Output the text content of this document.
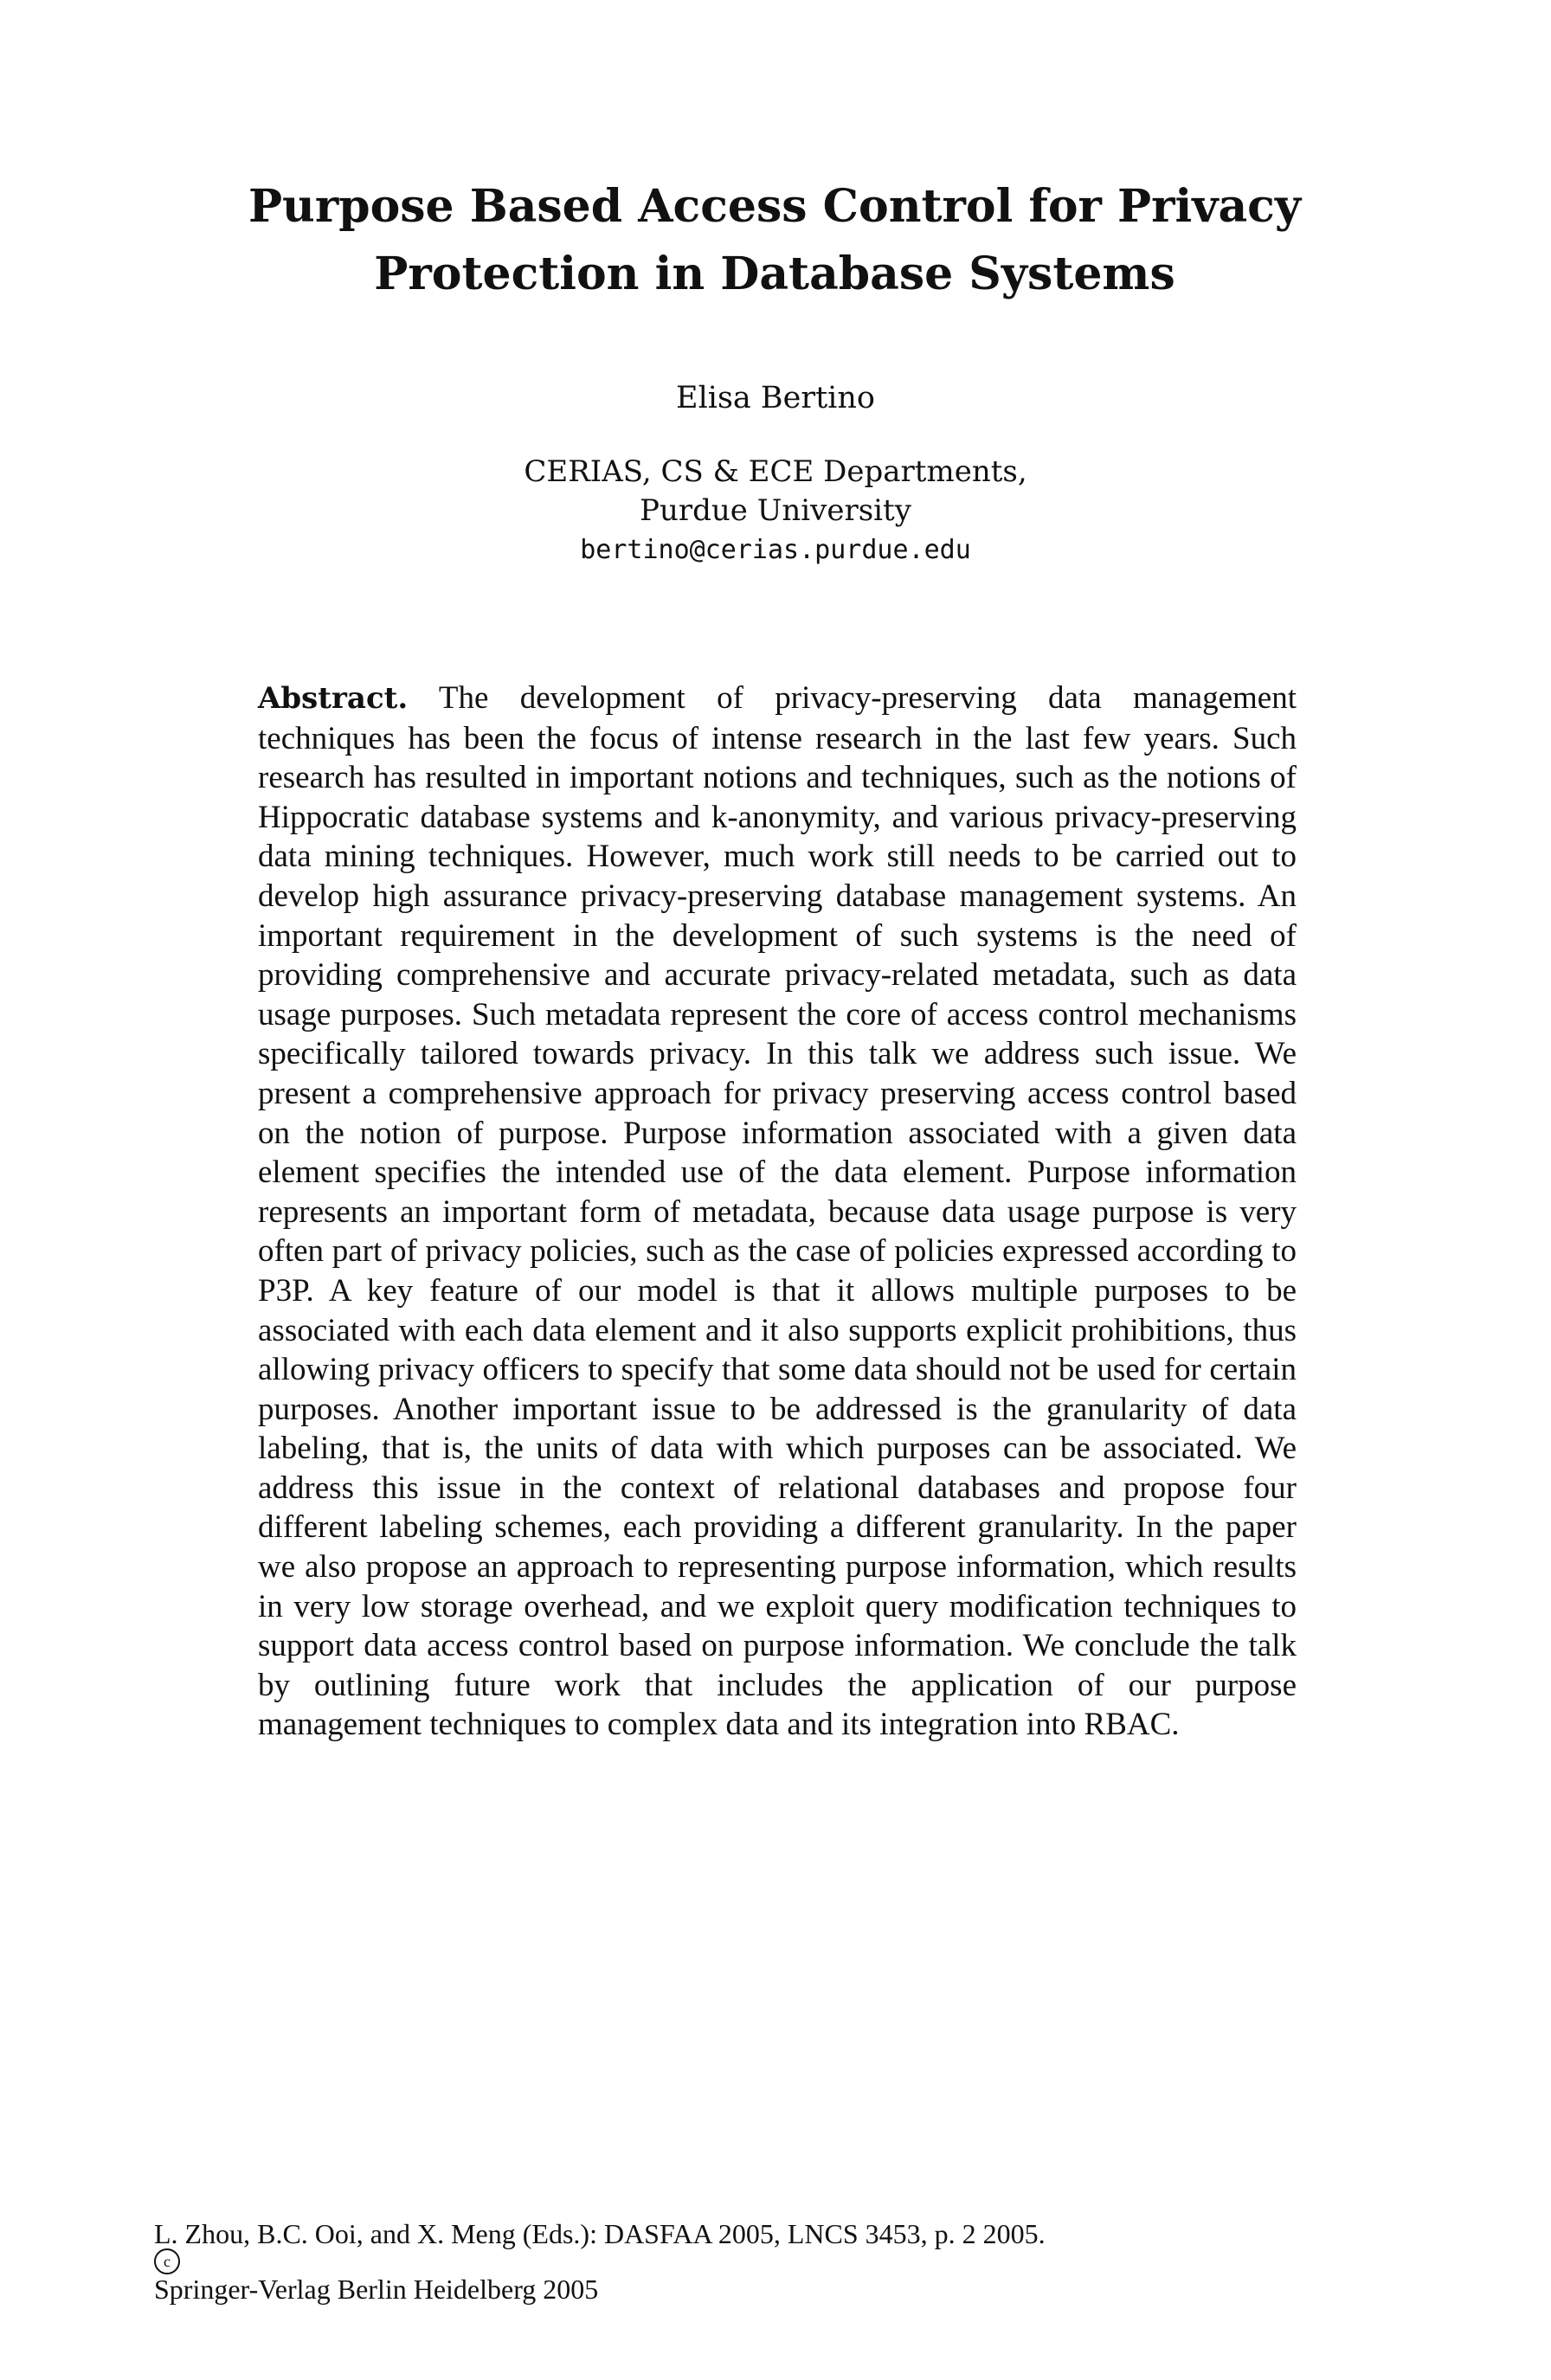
Purpose Based Access Control for Privacy
Protection in Database Systems
Elisa Bertino
CERIAS, CS & ECE Departments,
Purdue University
bertino@cerias.purdue.edu

Abstract. The development of privacy-preserving data management techniques has been the focus of intense research in the last few years. Such research has resulted in important notions and techniques, such as the notions of Hippocratic database systems and k-anonymity, and various privacy-preserving data mining techniques. However, much work still needs to be carried out to develop high assurance privacy-preserving database management systems. An important requirement in the development of such systems is the need of providing comprehensive and accurate privacy-related metadata, such as data usage purposes. Such metadata represent the core of access control mechanisms specifically tailored towards privacy. In this talk we address such issue. We present a comprehensive approach for privacy preserving access control based on the notion of purpose. Purpose information associated with a given data element specifies the intended use of the data element. Purpose information represents an important form of metadata, because data usage purpose is very often part of privacy policies, such as the case of policies expressed according to P3P. A key feature of our model is that it allows multiple purposes to be associated with each data element and it also supports explicit prohibitions, thus allowing privacy officers to specify that some data should not be used for certain purposes. Another important issue to be addressed is the granularity of data labeling, that is, the units of data with which purposes can be associated. We address this issue in the context of relational databases and propose four different labeling schemes, each providing a different granularity. In the paper we also propose an approach to representing purpose information, which results in very low storage overhead, and we exploit query modification techniques to support data access control based on purpose information. We conclude the talk by outlining future work that includes the application of our purpose management techniques to complex data and its integration into RBAC.

L. Zhou, B.C. Ooi, and X. Meng (Eds.): DASFAA 2005, LNCS 3453, p. 2 2005.
c
Springer-Verlag Berlin Heidelberg 2005
